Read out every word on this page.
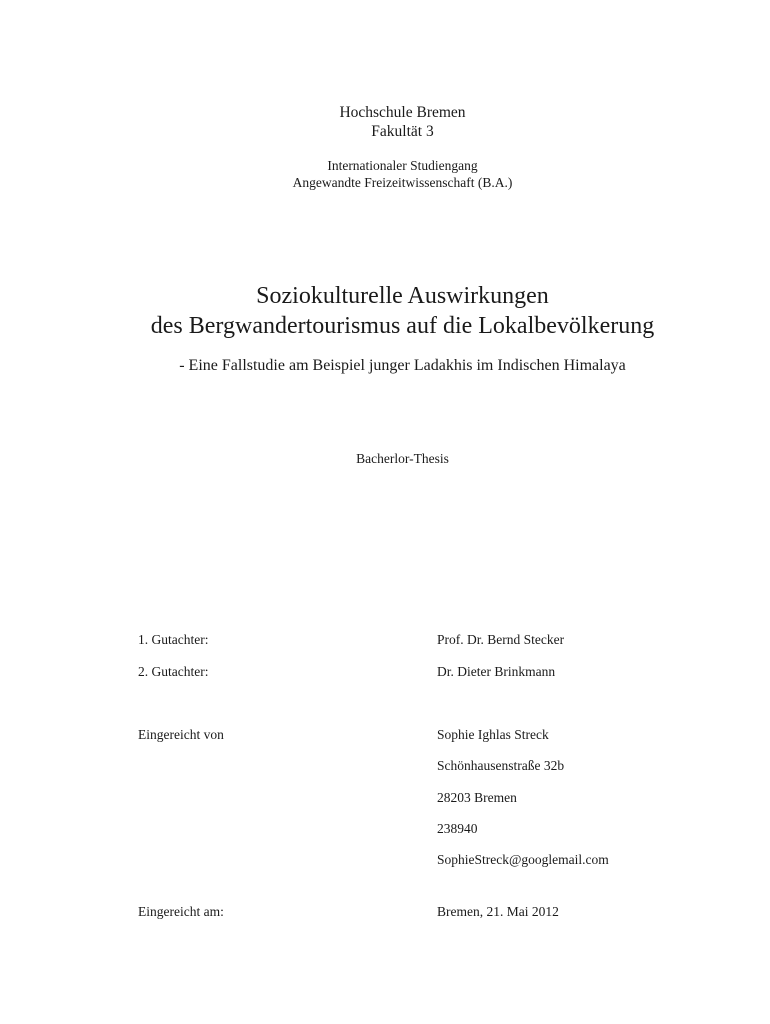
Hochschule Bremen
Fakultät 3
Internationaler Studiengang
Angewandte Freizeitwissenschaft (B.A.)
Soziokulturelle Auswirkungen
des Bergwandertourismus auf die Lokalbevölkerung
- Eine Fallstudie am Beispiel junger Ladakhis im Indischen Himalaya
Bacherlor-Thesis
1. Gutachter:	Prof. Dr. Bernd Stecker
2. Gutachter:	Dr. Dieter Brinkmann
Eingereicht von	Sophie Ighlas Streck
Schönhausenstraße 32b
28203 Bremen
238940
SophieStreck@googlemail.com
Eingereicht am:	Bremen, 21. Mai 2012
